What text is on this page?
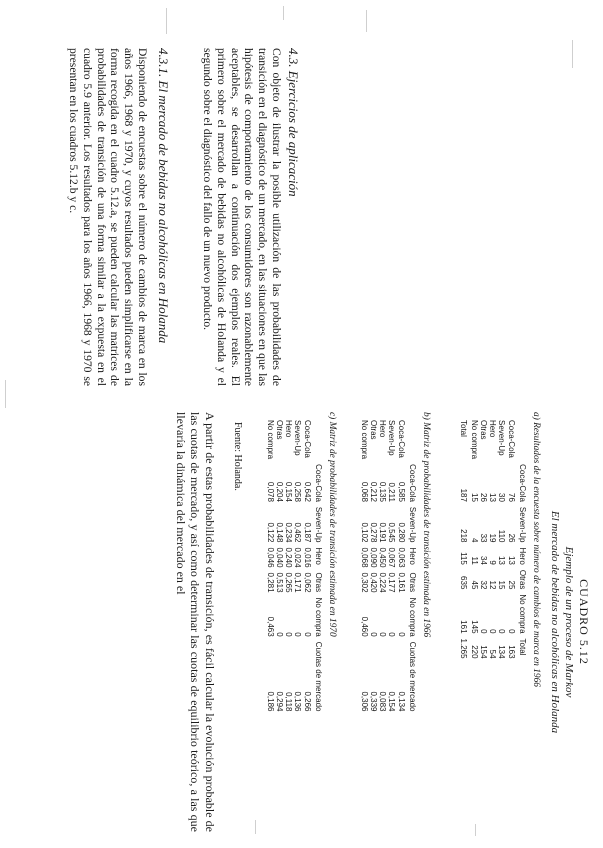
4.3. Ejercicios de aplicación
Con objeto de ilustrar la posible utilización de las probabilidades de transición en el diagnóstico de un mercado, en las situaciones en que las hipótesis de comportamiento de los consumidores son razonablemente aceptables, se desarrollan a continuación dos ejemplos reales. El primero sobre el mercado de bebidas no alcohólicas de Holanda y el segundo sobre el diagnóstico del fallo de un nuevo producto.
4.3.1. El mercado de bebidas no alcohólicas en Holanda
Disponiendo de encuestas sobre el número de cambios de marca en los años 1966, 1968 y 1970, y cuyos resultados pueden simplificarse en la forma recogida en el cuadro 5.12.a, se pueden calcular las matrices de probabilidades de transición de una forma similar a la expuesta en el cuadro 5.9 anterior. Los resultados para los años 1966, 1968 y 1970 se presentan en los cuadros 5.12.b y c.
CUADRO 5.12
Ejemplo de un proceso de Markov
El mercado de bebidas no alcohólicas en Holanda
a) Resultados de la encuesta sobre número de cambios de marca en 1966
	Coca-Cola	Seven-Up	Hero	Otras	No compra	Total
Coca-Cola	76	26	13	25	0	163
Seven-Up	30	110	13	15	0	134
Hero	13	19	9	12	0	54
Otras	26	33	34	32	0	154
No compra	15	4	11	45	145	220
Total	187	218	115	635	161	1.265
b) Matriz de probabilidades de transición estimada en 1966
	Coca-Cola	Seven-Up	Hero	Otras	No compra	Cuotas de mercado
Coca-Cola	0,585	0,280	0,063	0,161	0	0,134
Seven-Up	0,211	0,545	0,067	0,177	0	0,154
Hero	0,135	0,191	0,450	0,224	0	0,083
Otras	0,212	0,278	0,090	0,420	0	0,339
No compra	0,068	0,102	0,068	0,302	0,460	0,306
c) Matriz de probabilidades de transición estimada en 1970
	Coca-Cola	Seven-Up	Hero	Otras	No compra	Cuotas de mercado
Coca-Cola	0,642	0,187	0,016	0,062	0	0,266
Seven-Up	0,258	0,462	0,024	0,171	0	0,136
Hero	0,154	0,234	0,240	0,265	0	0,118
Otras	0,204	0,148	0,040	0,513	0	0,294
No compra	0,078	0,122	0,046	0,281	0,463	0,186
Fuente: Holanda.
A partir de estas probabilidades de transición, es fácil calcular la evolución probable de las cuotas de mercado, y así como determinar las cuotas de equilibrio teórico, a las que llevaría la dinámica del mercado en el
